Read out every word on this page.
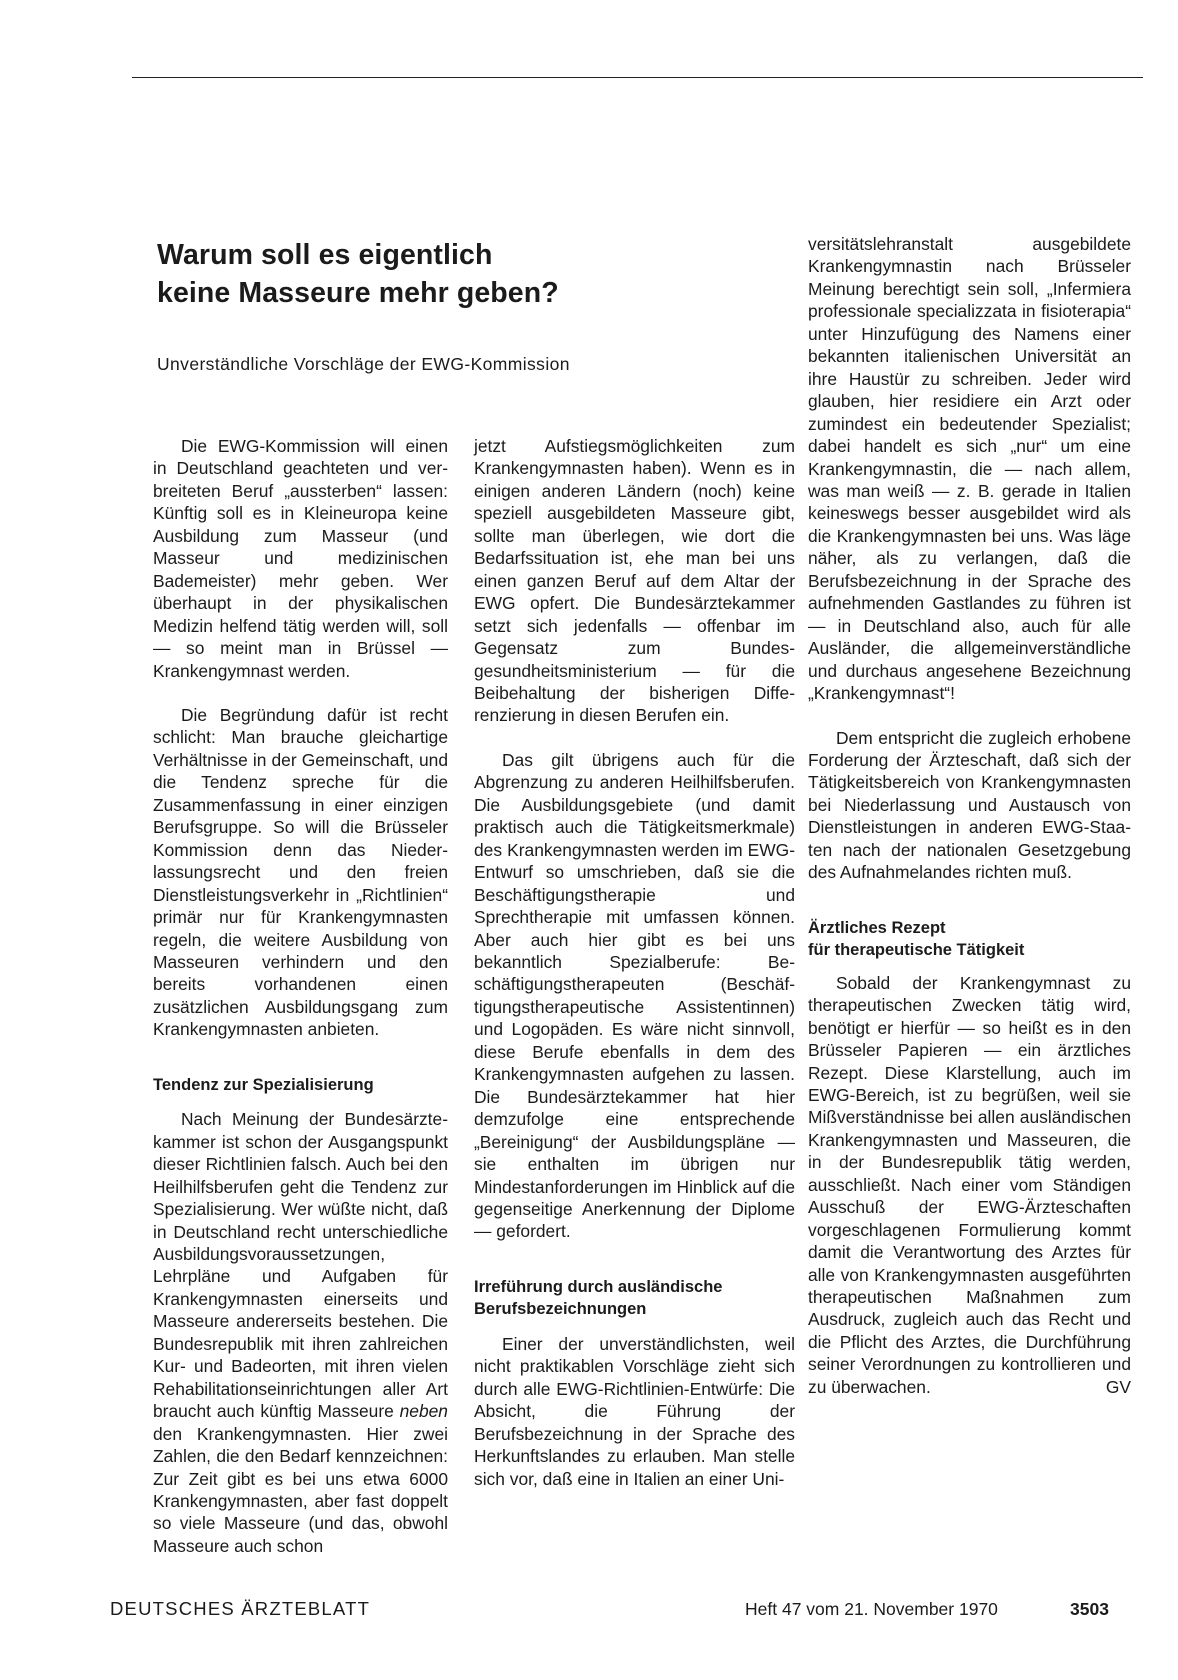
Warum soll es eigentlich
keine Masseure mehr geben?

Unverständliche Vorschläge der EWG-Kommission

Die EWG-Kommission will einen in Deutschland geachteten und verbreiteten Beruf „aussterben“ lassen: Künftig soll es in Kleineuropa keine Ausbildung zum Masseur (und Masseur und medizinischen Bademeister) mehr geben. Wer überhaupt in der physikalischen Medizin helfend tätig werden will, soll — so meint man in Brüssel — Krankengymnast werden.

Die Begründung dafür ist recht schlicht: Man brauche gleichartige Verhältnisse in der Gemeinschaft, und die Tendenz spreche für die Zusammenfassung in einer einzigen Berufsgruppe. So will die Brüsseler Kommission denn das Niederlassungsrecht und den freien Dienstleistungsverkehr in „Richtlinien“ primär nur für Krankengymnasten regeln, die weitere Ausbildung von Masseuren verhindern und den bereits vorhandenen einen zusätzlichen Ausbildungsgang zum Krankengymnasten anbieten.

Tendenz zur Spezialisierung

Nach Meinung der Bundesärztekammer ist schon der Ausgangspunkt dieser Richtlinien falsch. Auch bei den Heilhilfsberufen geht die Tendenz zur Spezialisierung. Wer wüßte nicht, daß in Deutschland recht unterschiedliche Ausbildungsvoraussetzungen, Lehrpläne und Aufgaben für Krankengymnasten einerseits und Masseure andererseits bestehen. Die Bundesrepublik mit ihren zahlreichen Kur- und Badeorten, mit ihren vielen Rehabilitationseinrichtungen aller Art braucht auch künftig Masseure neben den Krankengymnasten. Hier zwei Zahlen, die den Bedarf kennzeichnen: Zur Zeit gibt es bei uns etwa 6000 Krankengymnasten, aber fast doppelt so viele Masseure (und das, obwohl Masseure auch schon

jetzt Aufstiegsmöglichkeiten zum Krankengymnasten haben). Wenn es in einigen anderen Ländern (noch) keine speziell ausgebildeten Masseure gibt, sollte man überlegen, wie dort die Bedarfssituation ist, ehe man bei uns einen ganzen Beruf auf dem Altar der EWG opfert. Die Bundesärztekammer setzt sich jedenfalls — offenbar im Gegensatz zum Bundesgesundheitsministerium — für die Beibehaltung der bisherigen Differenzierung in diesen Berufen ein.

Das gilt übrigens auch für die Abgrenzung zu anderen Heilhilfsberufen. Die Ausbildungsgebiete (und damit praktisch auch die Tätigkeitsmerkmale) des Krankengymnasten werden im EWG-Entwurf so umschrieben, daß sie die Beschäftigungstherapie und Sprechtherapie mit umfassen können. Aber auch hier gibt es bei uns bekanntlich Spezialberufe: Beschäftigungstherapeuten (Beschäftigungstherapeutische Assistentinnen) und Logopäden. Es wäre nicht sinnvoll, diese Berufe ebenfalls in dem des Krankengymnasten aufgehen zu lassen. Die Bundesärztekammer hat hier demzufolge eine entsprechende „Bereinigung“ der Ausbildungspläne — sie enthalten im übrigen nur Mindestanforderungen im Hinblick auf die gegenseitige Anerkennung der Diplome — gefordert.

Irreführung durch ausländische
Berufsbezeichnungen

Einer der unverständlichsten, weil nicht praktikablen Vorschläge zieht sich durch alle EWG-Richtlinien-Entwürfe: Die Absicht, die Führung der Berufsbezeichnung in der Sprache des Herkunftslandes zu erlauben. Man stelle sich vor, daß eine in Italien an einer Uni-

versitätslehranstalt ausgebildete Krankengymnastin nach Brüsseler Meinung berechtigt sein soll, „Infermiera professionale specializzata in fisioterapia“ unter Hinzufügung des Namens einer bekannten italienischen Universität an ihre Haustür zu schreiben. Jeder wird glauben, hier residiere ein Arzt oder zumindest ein bedeutender Spezialist; dabei handelt es sich „nur“ um eine Krankengymnastin, die — nach allem, was man weiß — z. B. gerade in Italien keineswegs besser ausgebildet wird als die Krankengymnasten bei uns. Was läge näher, als zu verlangen, daß die Berufsbezeichnung in der Sprache des aufnehmenden Gastlandes zu führen ist — in Deutschland also, auch für alle Ausländer, die allgemeinverständliche und durchaus angesehene Bezeichnung „Krankengymnast“!

Dem entspricht die zugleich erhobene Forderung der Ärzteschaft, daß sich der Tätigkeitsbereich von Krankengymnasten bei Niederlassung und Austausch von Dienstleistungen in anderen EWG-Staaten nach der nationalen Gesetzgebung des Aufnahmelandes richten muß.

Ärztliches Rezept
für therapeutische Tätigkeit

Sobald der Krankengymnast zu therapeutischen Zwecken tätig wird, benötigt er hierfür — so heißt es in den Brüsseler Papieren — ein ärztliches Rezept. Diese Klarstellung, auch im EWG-Bereich, ist zu begrüßen, weil sie Mißverständnisse bei allen ausländischen Krankengymnasten und Masseuren, die in der Bundesrepublik tätig werden, ausschließt. Nach einer vom Ständigen Ausschuß der EWG-Ärzteschaften vorgeschlagenen Formulierung kommt damit die Verantwortung des Arztes für alle von Krankengymnasten ausgeführten therapeutischen Maßnahmen zum Ausdruck, zugleich auch das Recht und die Pflicht des Arztes, die Durchführung seiner Verordnungen zu kontrollieren und zu überwachen.	GV

DEUTSCHES ÄRZTEBLATT	Heft 47 vom 21. November 1970	3503
